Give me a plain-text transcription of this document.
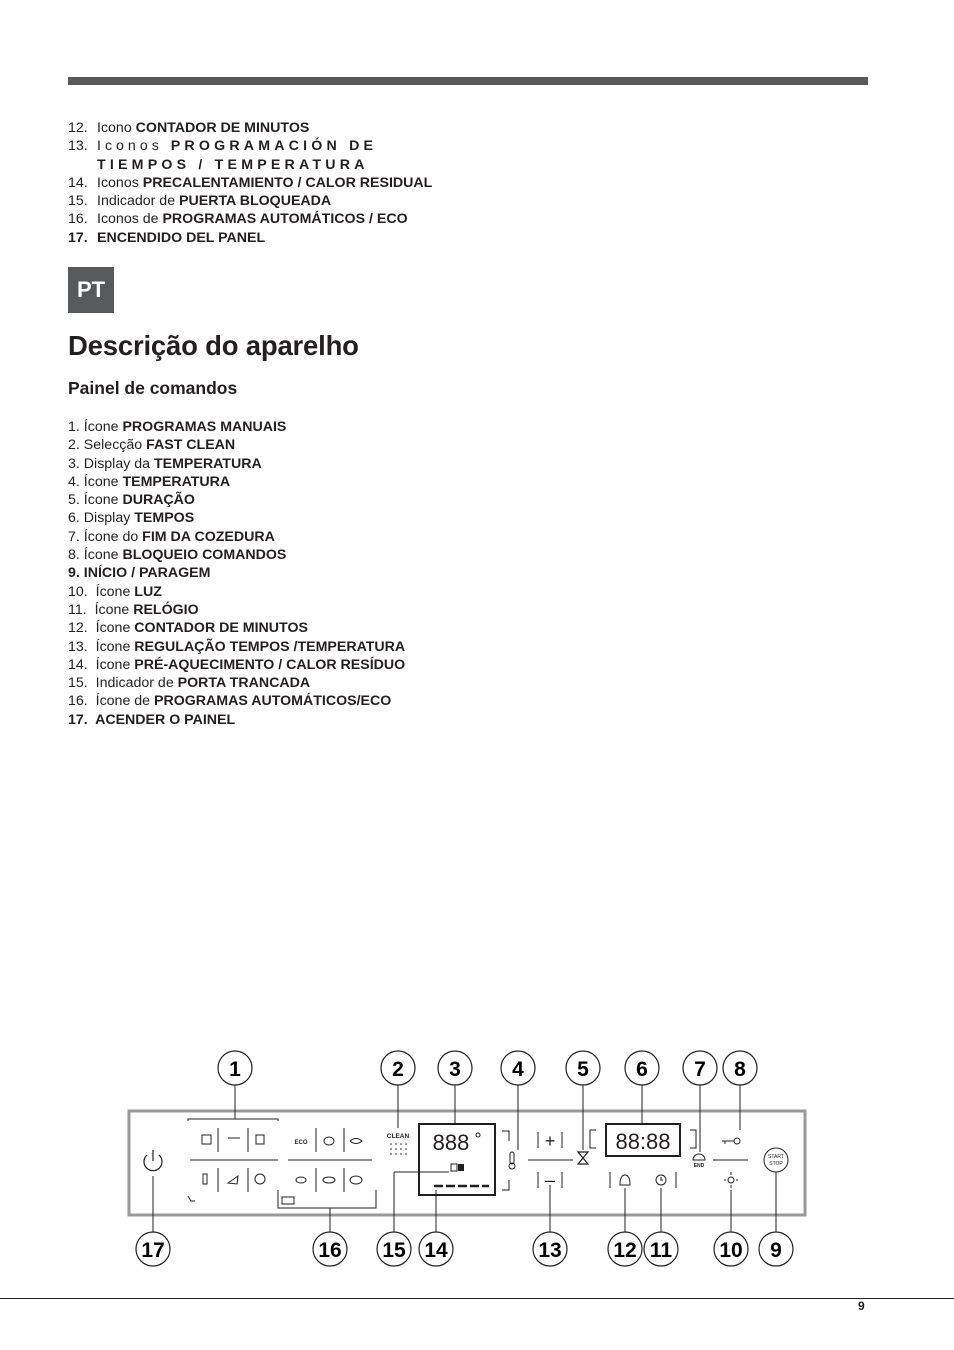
12. Icono CONTADOR DE MINUTOS
13. Iconos PROGRAMACIÓN DE TIEMPOS / TEMPERATURA
14. Iconos PRECALENTAMIENTO / CALOR RESIDUAL
15. Indicador de PUERTA BLOQUEADA
16. Iconos de PROGRAMAS AUTOMÁTICOS / ECO
17. ENCENDIDO DEL PANEL
PT
Descrição do aparelho
Painel de comandos
1. Ícone PROGRAMAS MANUAIS
2. Selecção FAST CLEAN
3. Display da TEMPERATURA
4. Ícone TEMPERATURA
5. Ícone DURAÇÃO
6. Display TEMPOS
7. Ícone do FIM DA COZEDURA
8. Ícone BLOQUEIO COMANDOS
9. INÍCIO / PARAGEM
10. Ícone LUZ
11. Ícone RELÓGIO
12. Ícone CONTADOR DE MINUTOS
13. Ícone REGULAÇÃO TEMPOS /TEMPERATURA
14. Ícone PRÉ-AQUECIMENTO / CALOR RESÍDUO
15. Indicador de PORTA TRANCADA
16. Ícone de PROGRAMAS AUTOMÁTICOS/ECO
17. ACENDER O PAINEL
1	2 3 4	5 6 7 8
17	16 15 14	13 12 11 10 9
ECO
CLEAN 888	+
–
88:88
END
START
STOP
9
